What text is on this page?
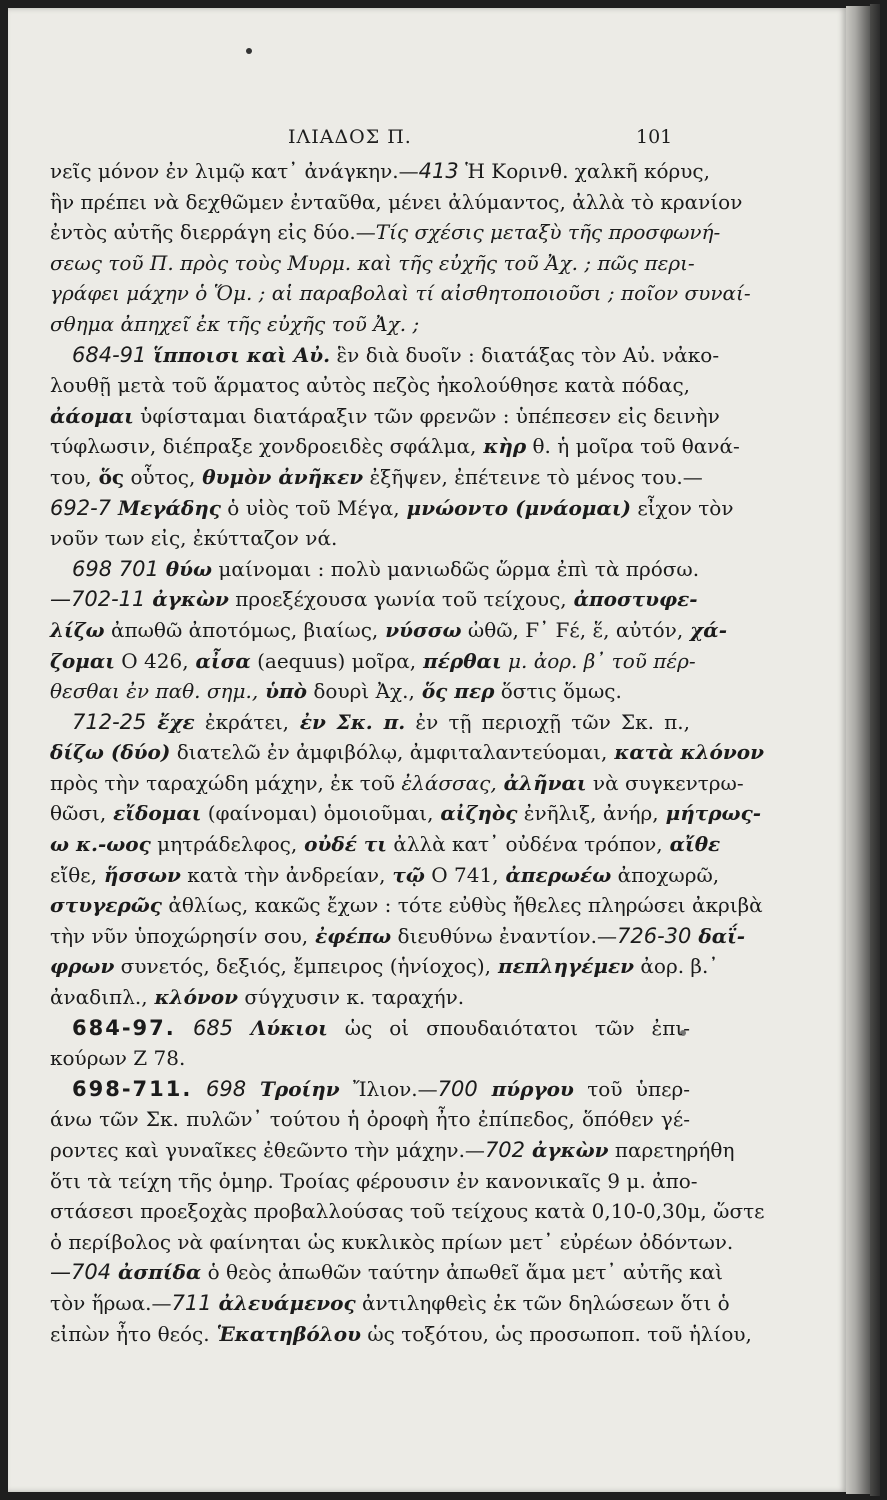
ΙΛΙΑΔΟΣ Π.	101
νεῖς μόνον ἐν λιμῷ κατ᾽ ἀνάγκην.—413 Ἡ Κορινθ. χαλκῆ κόρυς,
ἣν πρέπει νὰ δεχθῶμεν ἐνταῦθα, μένει ἀλύμαντος, ἀλλὰ τὸ κρανίον
ἐντὸς αὐτῆς διερράγη εἰς δύο.—Τίς σχέσις μεταξὺ τῆς προσφωνή-
σεως τοῦ Π. πρὸς τοὺς Μυρμ. καὶ τῆς εὐχῆς τοῦ Ἀχ. ; πῶς περι-
γράφει μάχην ὁ Ὅμ. ; αἱ παραβολαὶ τί αἰσθητοποιοῦσι ; ποῖον συναί-
σθημα ἀπηχεῖ ἐκ τῆς εὐχῆς τοῦ Ἀχ. ;
684-91 ἵπποισι καὶ Αὐ. ἓν διὰ δυοῖν : διατάξας τὸν Αὐ. νἀκο-
λουθῇ μετὰ τοῦ ἅρματος αὐτὸς πεζὸς ἠκολούθησε κατὰ πόδας,
ἀάομαι ὑφίσταμαι διατάραξιν τῶν φρενῶν : ὑπέπεσεν εἰς δεινὴν
τύφλωσιν, διέπραξε χονδροειδὲς σφάλμα, κὴρ θ. ἡ μοῖρα τοῦ θανά-
του, ὅς οὗτος, θυμὸν ἀνῆκεν ἐξῆψεν, ἐπέτεινε τὸ μένος του.—
692-7 Μεγάδης ὁ υἱὸς τοῦ Μέγα, μνώοντο (μνάομαι) εἶχον τὸν
νοῦν των εἰς, ἐκύτταζον νά.
698 701 θύω μαίνομαι : πολὺ μανιωδῶς ὥρμα ἐπὶ τὰ πρόσω.
—702-11 ἀγκὼν προεξέχουσα γωνία τοῦ τείχους, ἀποστυφε-
λίζω ἀπωθῶ ἀποτόμως, βιαίως, νύσσω ὠθῶ, Ϝ᾽ Ϝέ, ἕ, αὐτόν, χά-
ζομαι Ο 426, αἶσα (aequus) μοῖρα, πέρθαι μ. ἀορ. β᾽ τοῦ πέρ-
θεσθαι ἐν παθ. σημ., ὑπὸ δουρὶ Ἀχ., ὅς περ ὅστις ὅμως.
712-25 ἔχε ἐκράτει, ἐν Σκ. π. ἐν τῇ περιοχῇ τῶν Σκ. π.,
δίζω (δύο) διατελῶ ἐν ἀμφιβόλῳ, ἀμφιταλαντεύομαι, κατὰ κλόνον
πρὸς τὴν ταραχώδη μάχην, ἐκ τοῦ ἐλάσσας, ἀλῆναι νὰ συγκεντρω-
θῶσι, εἴδομαι (φαίνομαι) ὁμοιοῦμαι, αἰζηὸς ἐνῆλιξ, ἀνήρ, μήτρως-
ω κ.-ωος μητράδελφος, οὐδέ τι ἀλλὰ κατ᾽ οὐδένα τρόπον, αἴθε
εἴθε, ἥσσων κατὰ τὴν ἀνδρείαν, τῷ Ο 741, ἀπερωέω ἀποχωρῶ,
στυγερῶς ἀθλίως, κακῶς ἔχων : τότε εὐθὺς ἤθελες πληρώσει ἀκριβὰ
τὴν νῦν ὑποχώρησίν σου, ἐφέπω διευθύνω ἐναντίον.—726-30 δαΐ-
φρων συνετός, δεξιός, ἔμπειρος (ἡνίοχος), πεπληγέμεν ἀορ. β.᾽
ἀναδιπλ., κλόνον σύγχυσιν κ. ταραχήν.
684-97. 685 Λύκιοι ὡς οἱ σπουδαιότατοι τῶν ἐπι-
κούρων Ζ 78.
698-711. 698 Τροίην Ἴλιον.—700 πύργου τοῦ ὑπερ-
άνω τῶν Σκ. πυλῶν᾽ τούτου ἡ ὀροφὴ ἦτο ἐπίπεδος, ὅπόθεν γέ-
ροντες καὶ γυναῖκες ἐθεῶντο τὴν μάχην.—702 ἀγκὼν παρετηρήθη
ὅτι τὰ τείχη τῆς ὁμηρ. Τροίας φέρουσιν ἐν κανονικαῖς 9 μ. ἀπο-
στάσεσι προεξοχὰς προβαλλούσας τοῦ τείχους κατὰ 0,10-0,30μ, ὥστε
ὁ περίβολος νὰ φαίνηται ὡς κυκλικὸς πρίων μετ᾽ εὐρέων ὀδόντων.
—704 ἀσπίδα ὁ θεὸς ἀπωθῶν ταύτην ἀπωθεῖ ἅμα μετ᾽ αὐτῆς καὶ
τὸν ἥρωα.—711 ἀλευάμενος ἀντιληφθεὶς ἐκ τῶν δηλώσεων ὅτι ὁ
εἰπὼν ἦτο θεός. Ἑκατηβόλου ὡς τοξότου, ὡς προσωποπ. τοῦ ἡλίου,
